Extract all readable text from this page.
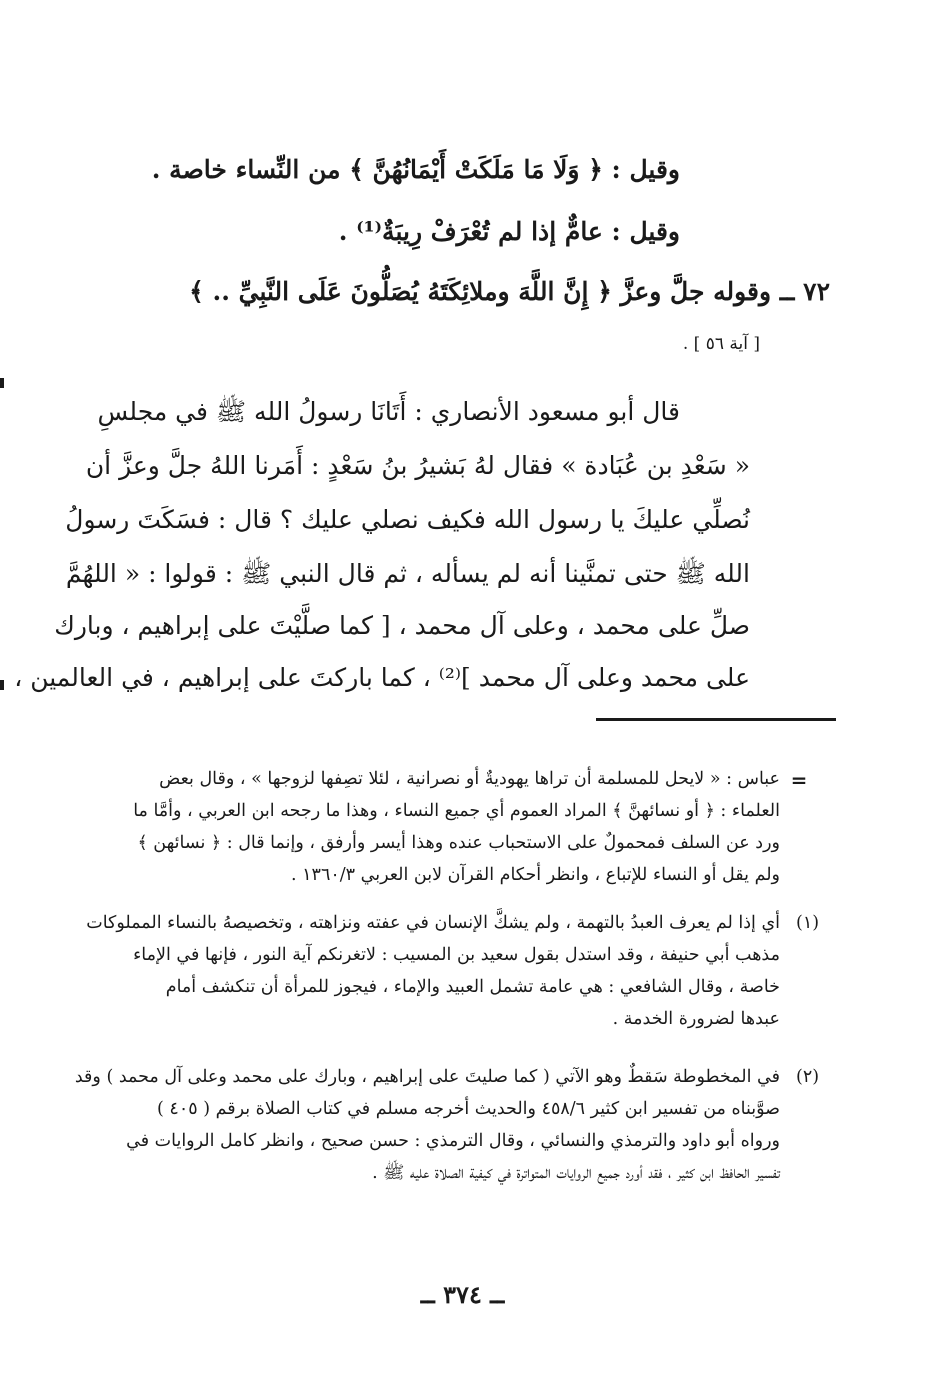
وقيل : ﴿ وَلَا مَا مَلَكَتْ أَيْمَانُهُنَّ ﴾ من النِّساء خاصة .
وقيل : عامٌّ إذا لم تُعْرَفْ رِيبَةٌ⁽¹⁾ .
٧٢ ــ وقوله جلَّ وعزَّ ﴿ إِنَّ اللَّهَ وملائِكَتَهُ يُصَلُّونَ عَلَى النَّبِيِّ .. ﴾
[ آية ٥٦ ] .
قال أبو مسعود الأنصاري : أَتَانَا رسولُ الله ﷺ في مجلسِ
« سَعْدِ بن عُبَادة » فقال لهُ بَشيرُ بنُ سَعْدٍ : أَمَرنا اللهُ جلَّ وعزَّ أن
نُصلِّي عليكَ يا رسول الله فكيف نصلي عليك ؟ قال : فسَكَتَ رسولُ
الله ﷺ حتى تمنَّينا أنه لم يسأله ، ثم قال النبي ﷺ : قولوا : « اللهُمَّ
صلِّ على محمد ، وعلى آل محمد ، [ كما صلَّيْتَ على إبراهيم ، وبارك
على محمد وعلى آل محمد ]⁽²⁾ ، كما باركتَ على إبراهيم ، في العالمين ،
=
عباس : « لايحل للمسلمة أن تراها يهوديةٌ أو نصرانية ، لئلا تصِفها لزوجها » ، وقال بعض
العلماء : ﴿ أو نسائهنَّ ﴾ المراد العموم أي جميع النساء ، وهذا ما رجحه ابن العربي ، وأمَّا ما
ورد عن السلف فمحمولٌ على الاستحباب عنده وهذا أيسر وأرفق ، وإنما قال : ﴿ نسائهن ﴾
ولم يقل أو النساء للإتباع ، وانظر أحكام القرآن لابن العربي ١٣٦٠/٣ .
(١)
أي إذا لم يعرف العبدُ بالتهمة ، ولم يشكَّ الإنسان في عفته ونزاهته ، وتخصيصهُ بالنساء المملوكات
مذهب أبي حنيفة ، وقد استدل بقول سعيد بن المسيب : لاتغرنكم آية النور ، فإنها في الإماء
خاصة ، وقال الشافعي : هي عامة تشمل العبيد والإماء ، فيجوز للمرأة أن تنكشف أمام
عبدها لضرورة الخدمة .
(٢)
في المخطوطة سَقطٌ وهو الآتي ( كما صليتَ على إبراهيم ، وبارك على محمد وعلى آل محمد ) وقد
صوَّبناه من تفسير ابن كثير ٤٥٨/٦ والحديث أخرجه مسلم في كتاب الصلاة برقم ( ٤٠٥ )
ورواه أبو داود والترمذي والنسائي ، وقال الترمذي : حسن صحيح ، وانظر كامل الروايات في
تفسير الحافظ ابن كثير ، فقد أورد جميع الروايات المتواترة في كيفية الصلاة عليه ﷺ .
ــ ٣٧٤ ــ
